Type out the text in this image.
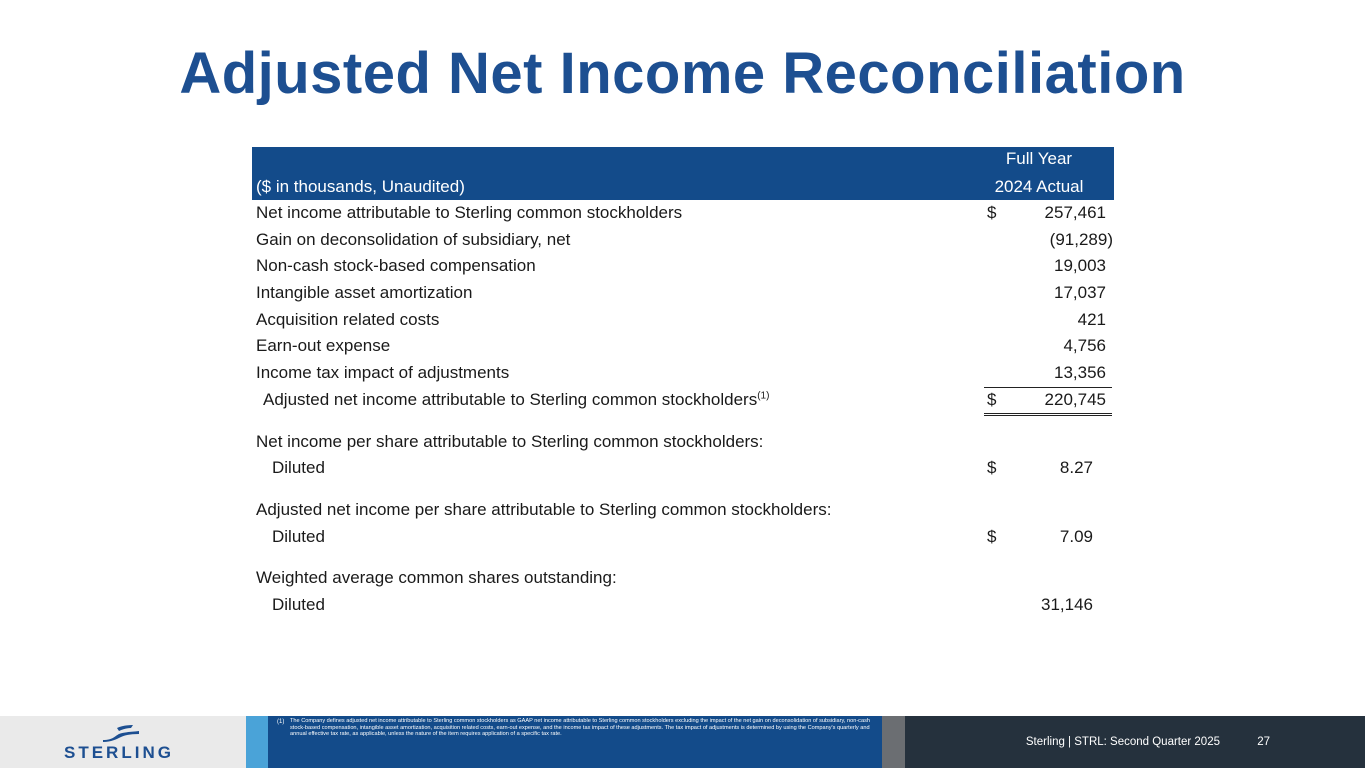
Adjusted Net Income Reconciliation
($ in thousands, Unaudited)
Full Year
2024 Actual
Net income attributable to Sterling common stockholders	$	257,461
Gain on deconsolidation of subsidiary, net	(91,289)
Non-cash stock-based compensation	19,003
Intangible asset amortization	17,037
Acquisition related costs	421
Earn-out expense	4,756
Income tax impact of adjustments	13,356
Adjusted net income attributable to Sterling common stockholders$^{(1)}$	$	220,745
Net income per share attributable to Sterling common stockholders:
Diluted	$	8.27
Adjusted net income per share attributable to Sterling common stockholders:
Diluted	$	7.09
Weighted average common shares outstanding:
Diluted	31,146
STERLING
(1) The Company defines adjusted net income attributable to Sterling common stockholders as GAAP net income attributable to Sterling common stockholders excluding the impact of the net gain on deconsolidation of subsidiary, non-cash stock-based compensation, intangible asset amortization, acquisition related costs, earn-out expense, and the income tax impact of these adjustments. The tax impact of adjustments is determined by using the Company's quarterly and annual effective tax rate, as applicable, unless the nature of the item requires application of a specific tax rate.
Sterling | STRL: Second Quarter 2025	27
